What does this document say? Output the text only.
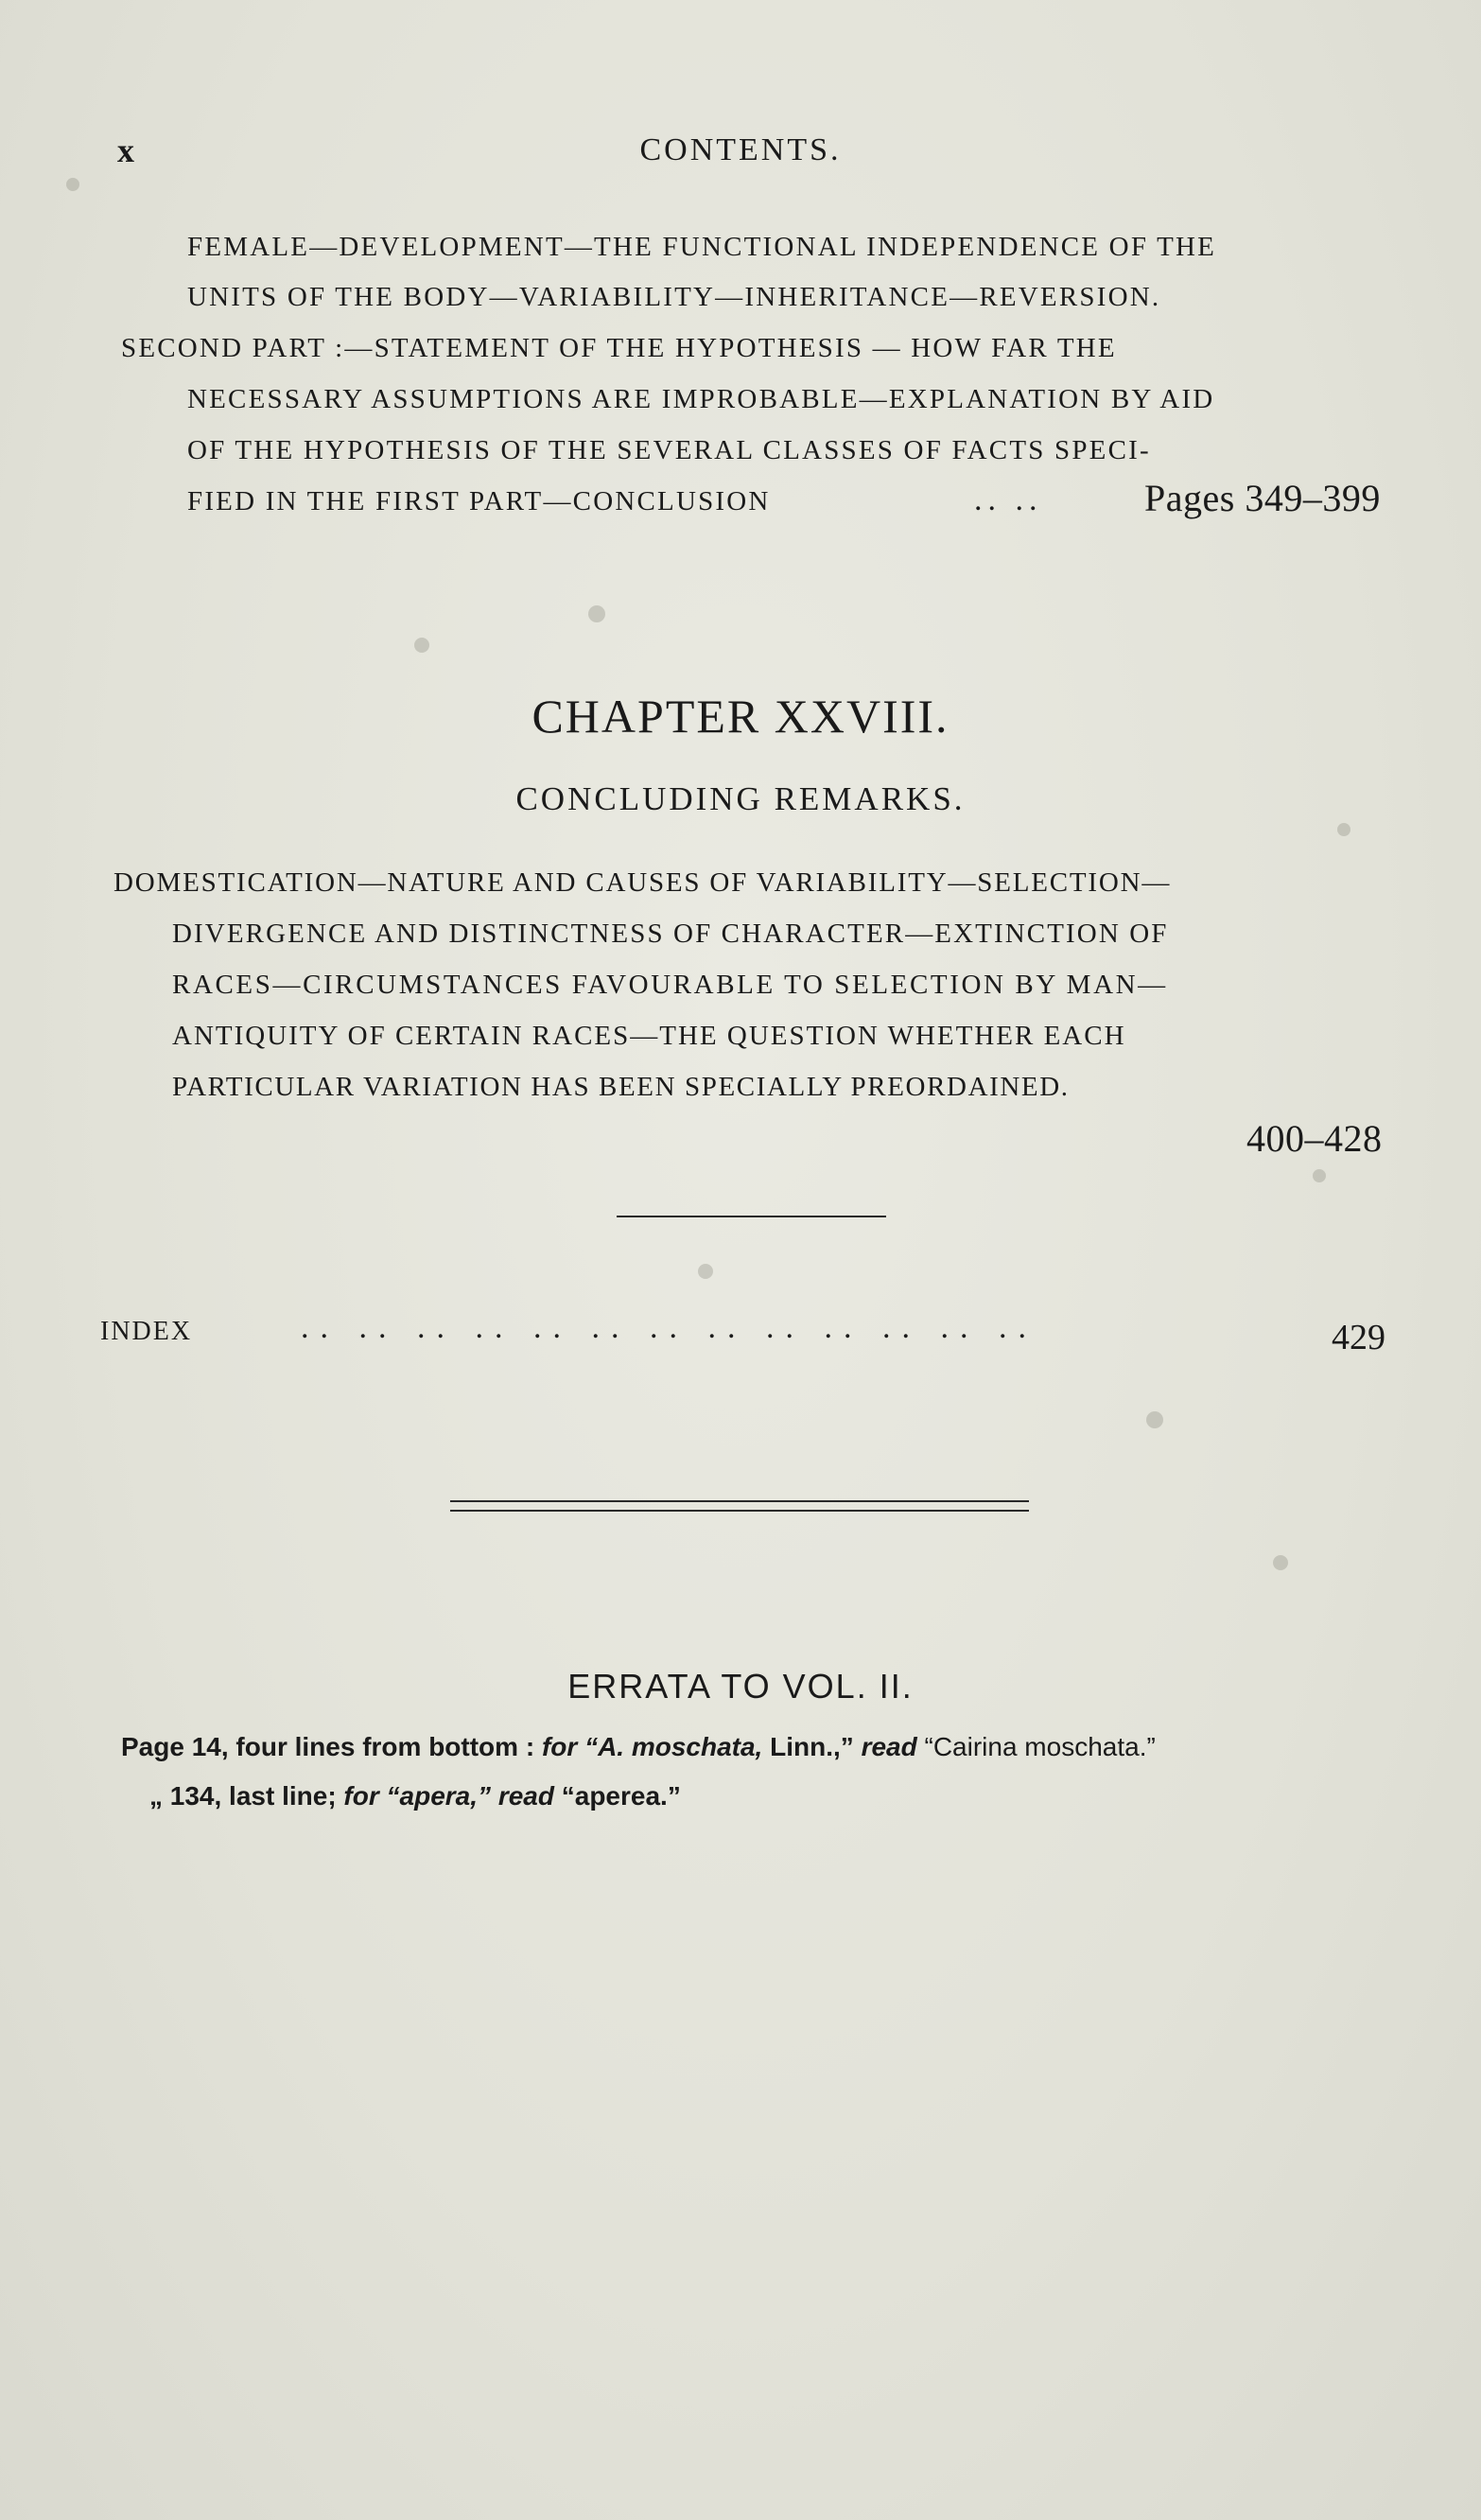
x	CONTENTS.
FEMALE—DEVELOPMENT—THE FUNCTIONAL INDEPENDENCE OF THE
UNITS OF THE BODY—VARIABILITY—INHERITANCE—REVERSION.
SECOND PART :—STATEMENT OF THE HYPOTHESIS — HOW FAR THE
NECESSARY ASSUMPTIONS ARE IMPROBABLE—EXPLANATION BY AID
OF THE HYPOTHESIS OF THE SEVERAL CLASSES OF FACTS SPECI-
FIED IN THE FIRST PART—CONCLUSION	.. ..	Pages 349–399
CHAPTER XXVIII.
CONCLUDING REMARKS.
DOMESTICATION—NATURE AND CAUSES OF VARIABILITY—SELECTION—
DIVERGENCE AND DISTINCTNESS OF CHARACTER—EXTINCTION OF
RACES—CIRCUMSTANCES FAVOURABLE TO SELECTION BY MAN—
ANTIQUITY OF CERTAIN RACES—THE QUESTION WHETHER EACH
PARTICULAR VARIATION HAS BEEN SPECIALLY PREORDAINED.
400–428
INDEX	.. .. .. .. .. .. .. .. .. .. .. .. ..	429
ERRATA TO VOL. II.
Page 14, four lines from bottom : for “A. moschata, Linn.,” read “Cairina moschata.”
„ 134, last line; for “apera,” read “aperea.”
